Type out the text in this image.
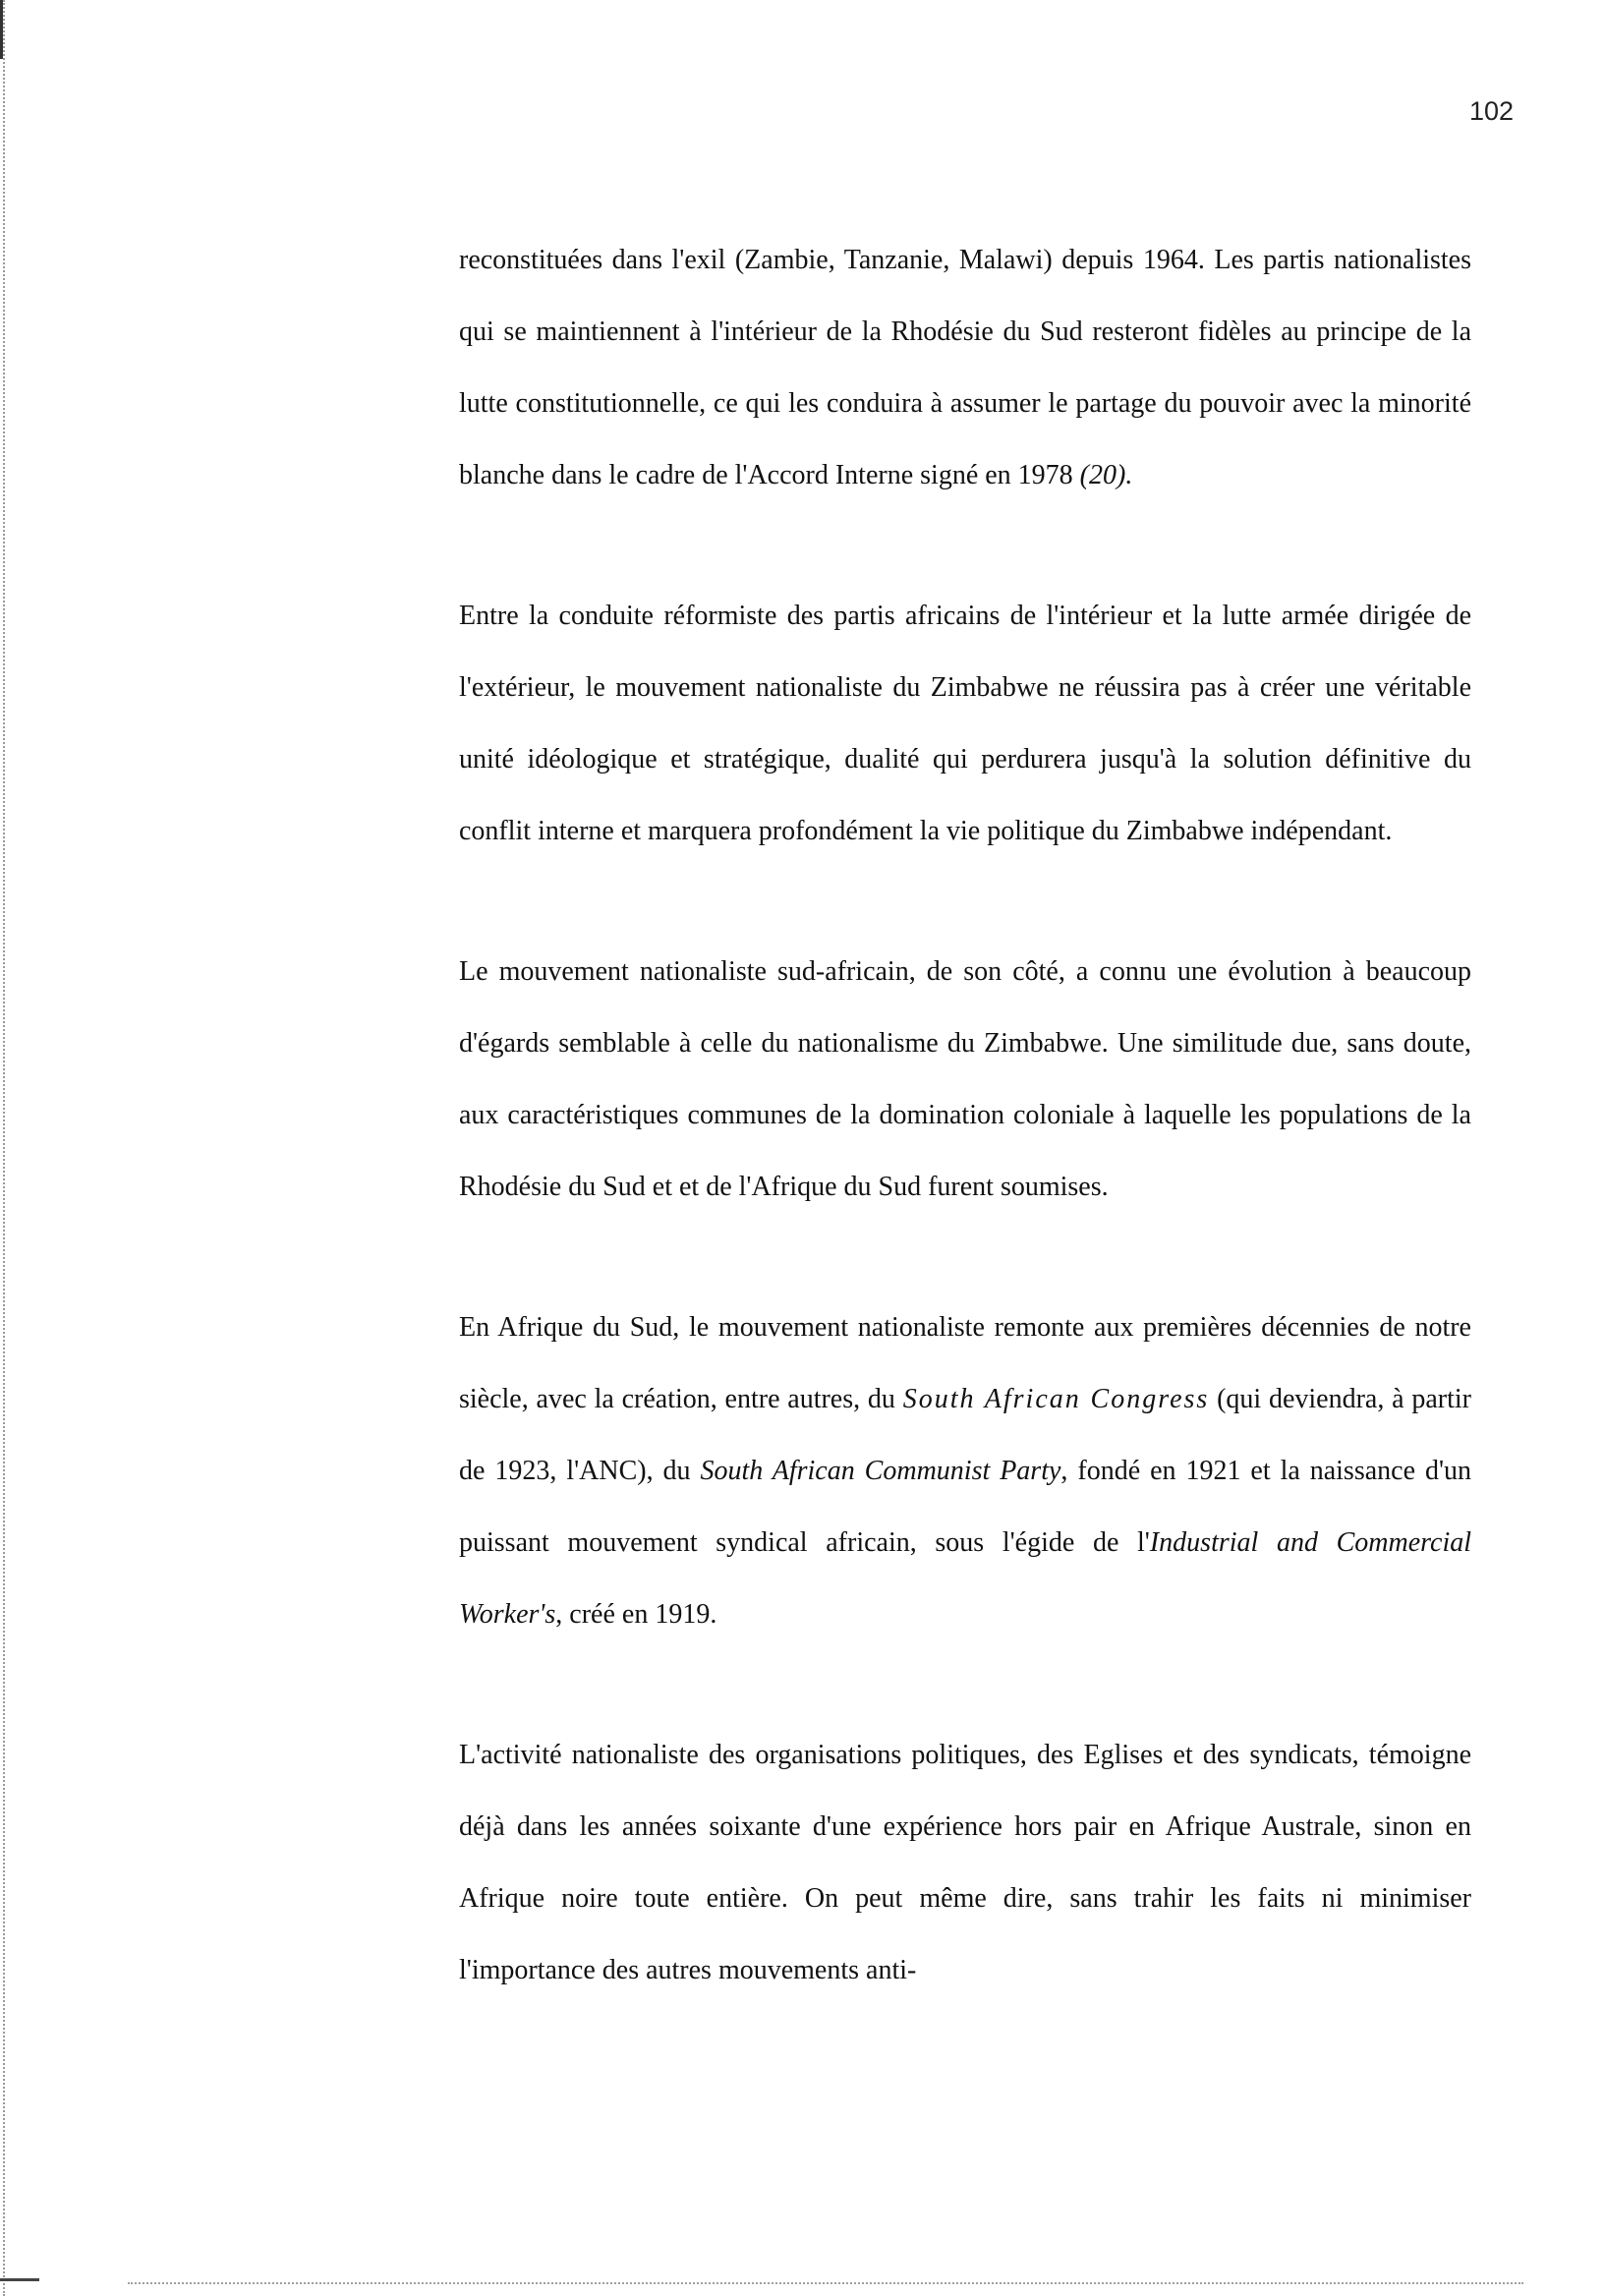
102

reconstituées dans l'exil (Zambie, Tanzanie, Malawi) depuis 1964. Les partis nationalistes qui se maintiennent à l'intérieur de la Rhodésie du Sud resteront fidèles au principe de la lutte constitutionnelle, ce qui les conduira à assumer le partage du pouvoir avec la minorité blanche dans le cadre de l'Accord Interne signé en 1978 (20).

Entre la conduite réformiste des partis africains de l'intérieur et la lutte armée dirigée de l'extérieur, le mouvement nationaliste du Zimbabwe ne réussira pas à créer une véritable unité idéologique et stratégique, dualité qui perdurera jusqu'à la solution définitive du conflit interne et marquera profondément la vie politique du Zimbabwe indépendant.

Le mouvement nationaliste sud-africain, de son côté, a connu une évolution à beaucoup d'égards semblable à celle du nationalisme du Zimbabwe. Une similitude due, sans doute, aux caractéristiques communes de la domination coloniale à laquelle les populations de la Rhodésie du Sud et et de l'Afrique du Sud furent soumises.

En Afrique du Sud, le mouvement nationaliste remonte aux premières décennies de notre siècle, avec la création, entre autres, du South African Congress (qui deviendra, à partir de 1923, l'ANC), du South African Communist Party, fondé en 1921 et la naissance d'un puissant mouvement syndical africain, sous l'égide de l'Industrial and Commercial Worker's, créé en 1919.

L'activité nationaliste des organisations politiques, des Eglises et des syndicats, témoigne déjà dans les années soixante d'une expérience hors pair en Afrique Australe, sinon en Afrique noire toute entière. On peut même dire, sans trahir les faits ni minimiser l'importance des autres mouvements anti-
